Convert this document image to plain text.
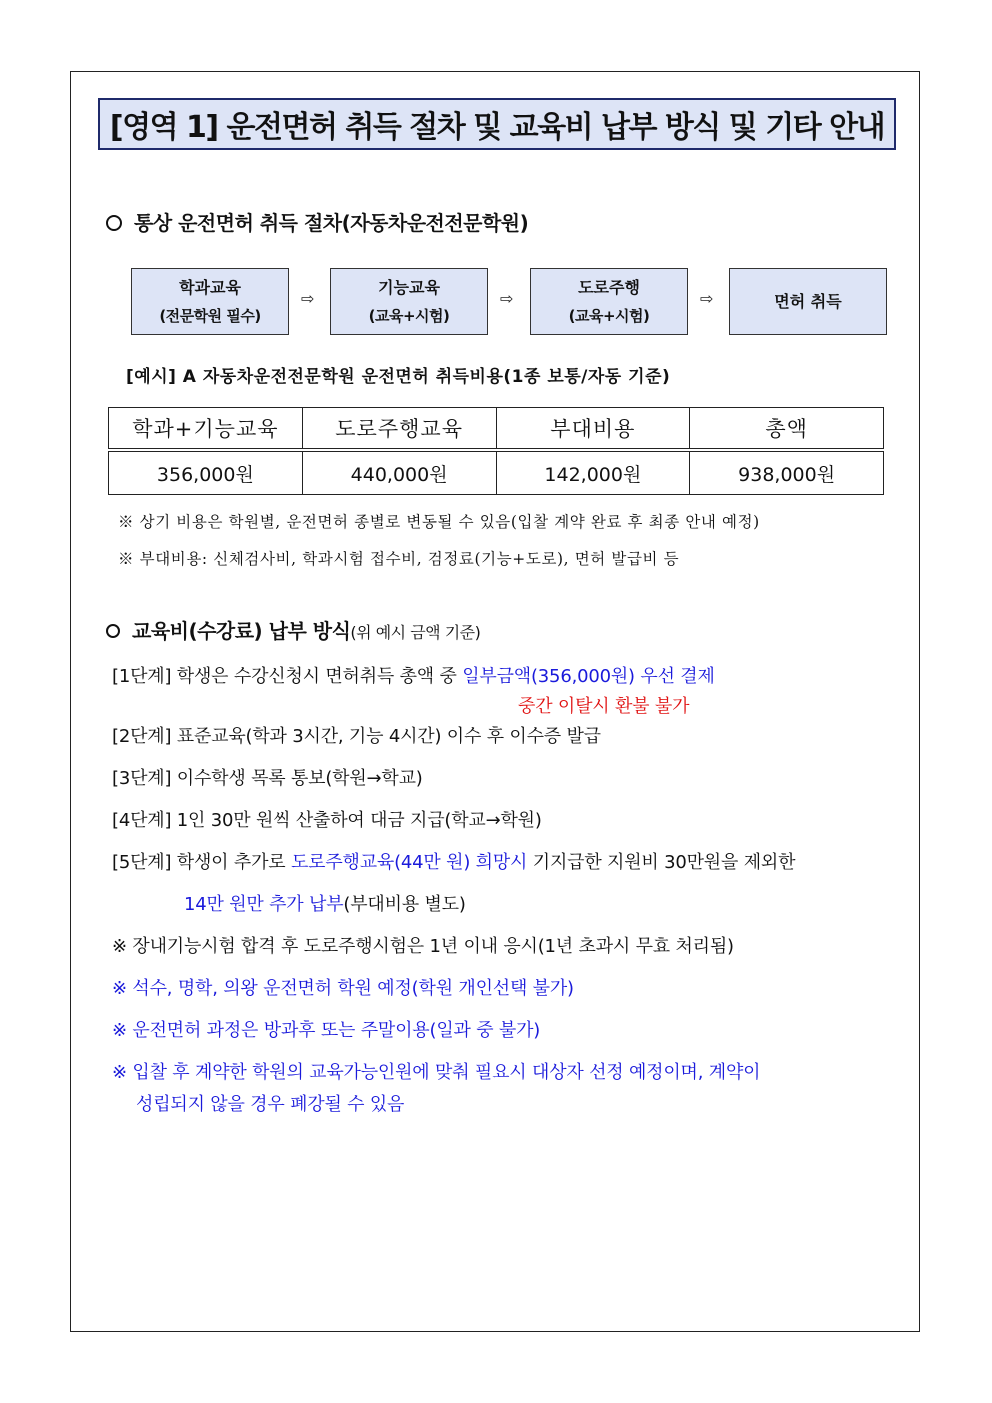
[영역 1] 운전면허 취득 절차 및 교육비 납부 방식 및 기타 안내
통상 운전면허 취득 절차(자동차운전전문학원)
학과교육
(전문학원 필수)
⇨
기능교육
(교육+시험)
⇨
도로주행
(교육+시험)
⇨	면허 취득
[예시] A 자동차운전전문학원 운전면허 취득비용(1종 보통/자동 기준)
학과+기능교육	도로주행교육	부대비용	총액
356,000원	440,000원	142,000원	938,000원
※ 상기 비용은 학원별, 운전면허 종별로 변동될 수 있음(입찰 계약 완료 후 최종 안내 예정)
※ 부대비용: 신체검사비, 학과시험 접수비, 검정료(기능+도로), 면허 발급비 등
교육비(수강료) 납부 방식(위 예시 금액 기준)
[1단계] 학생은 수강신청시 면허취득 총액 중 일부금액(356,000원) 우선 결제
중간 이탈시 환불 불가
[2단계] 표준교육(학과 3시간, 기능 4시간) 이수 후 이수증 발급
[3단계] 이수학생 목록 통보(학원→학교)
[4단계] 1인 30만 원씩 산출하여 대금 지급(학교→학원)
[5단계] 학생이 추가로 도로주행교육(44만 원) 희망시 기지급한 지원비 30만원을 제외한
14만 원만 추가 납부(부대비용 별도)
※ 장내기능시험 합격 후 도로주행시험은 1년 이내 응시(1년 초과시 무효 처리됨)
※ 석수, 명학, 의왕 운전면허 학원 예정(학원 개인선택 불가)
※ 운전면허 과정은 방과후 또는 주말이용(일과 중 불가)
※ 입찰 후 계약한 학원의 교육가능인원에 맞춰 필요시 대상자 선정 예정이며, 계약이
성립되지 않을 경우 폐강될 수 있음
